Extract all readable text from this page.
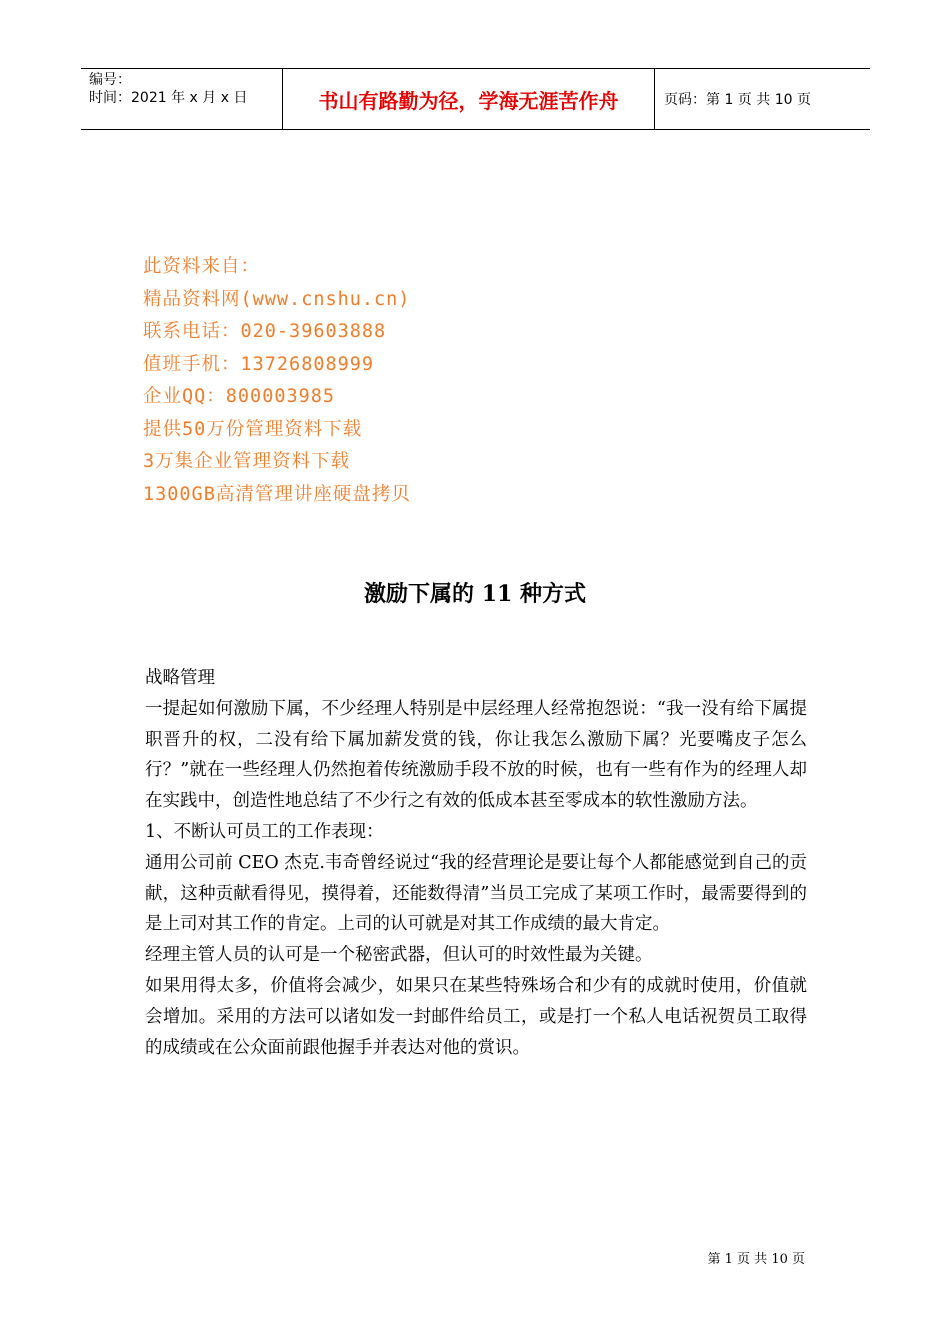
编号：
时间：2021 年 x 月 x 日	书山有路勤为径，学海无涯苦作舟	页码：第 1 页 共 10 页
此资料来自：
精品资料网(www.cnshu.cn)
联系电话：020-39603888
值班手机：13726808999
企业QQ：800003985
提供50万份管理资料下载
3万集企业管理资料下载
1300GB高清管理讲座硬盘拷贝
激励下属的 11 种方式

战略管理

一提起如何激励下属，不少经理人特别是中层经理人经常抱怨说：“我一没有给下属提职晋升的权，二没有给下属加薪发赏的钱，你让我怎么激励下属？光要嘴皮子怎么行？”就在一些经理人仍然抱着传统激励手段不放的时候，也有一些有作为的经理人却在实践中，创造性地总结了不少行之有效的低成本甚至零成本的软性激励方法。

1、不断认可员工的工作表现：

通用公司前 CEO 杰克.韦奇曾经说过“我的经营理论是要让每个人都能感觉到自己的贡献，这种贡献看得见，摸得着，还能数得清”当员工完成了某项工作时，最需要得到的是上司对其工作的肯定。上司的认可就是对其工作成绩的最大肯定。

经理主管人员的认可是一个秘密武器，但认可的时效性最为关键。

如果用得太多，价值将会减少，如果只在某些特殊场合和少有的成就时使用，价值就会增加。采用的方法可以诸如发一封邮件给员工，或是打一个私人电话祝贺员工取得的成绩或在公众面前跟他握手并表达对他的赏识。

第 1 页 共 10 页
